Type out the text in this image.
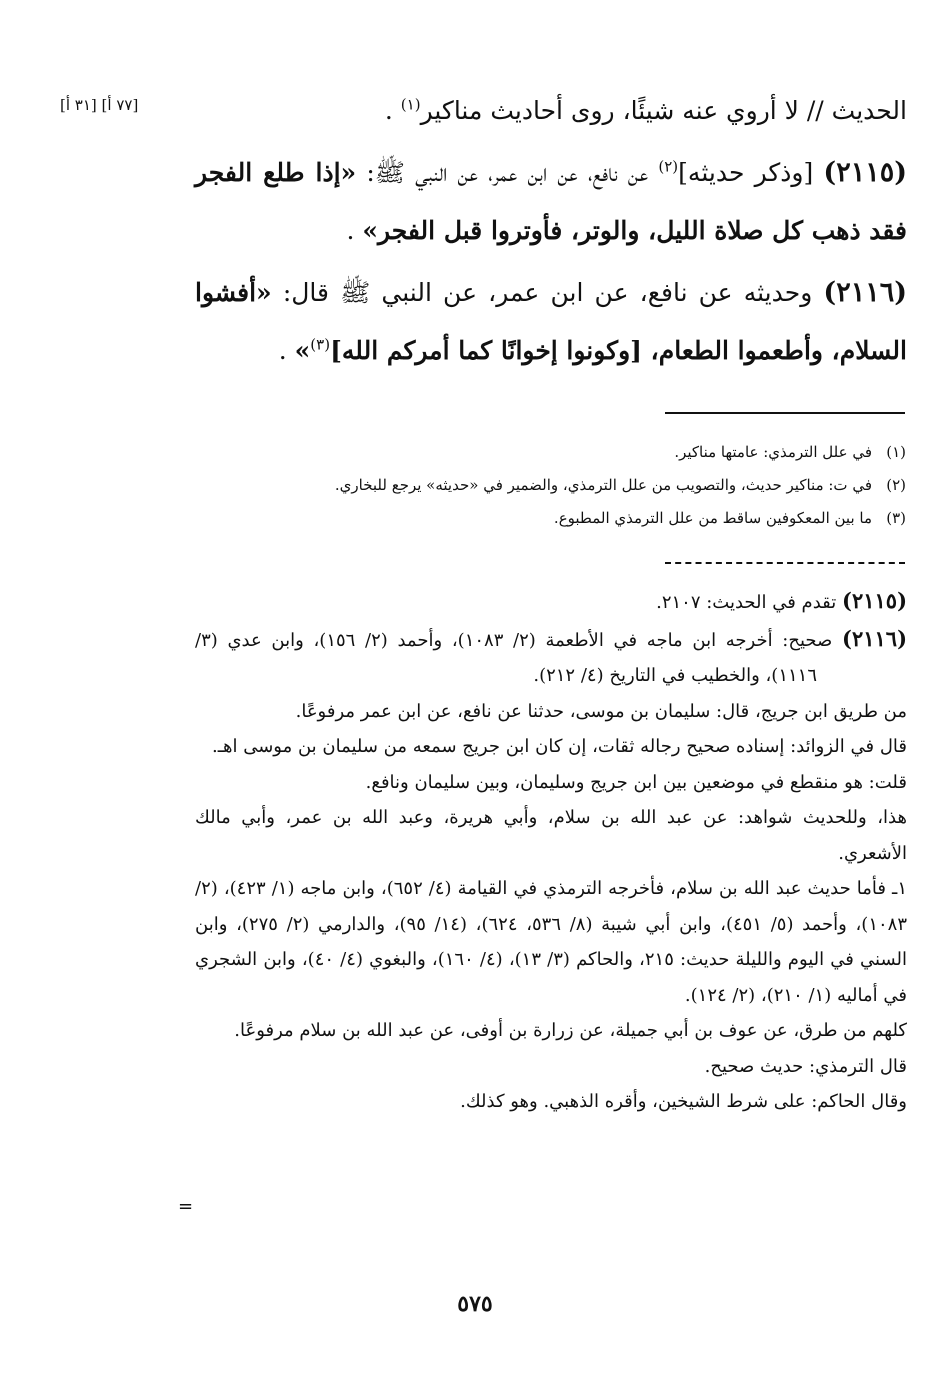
[٣١ أ] [٧٧ أ]	الحديث // لا أروي عنه شيئًا، روى أحاديث مناكير$^{(١)}$ .

(٢١١٥) [وذكر حديثه]$^{(٢)}$ عن نافع، عن ابن عمر، عن النبي ﷺ: «إذا طلع الفجر فقد ذهب كل صلاة الليل، والوتر، فأوتروا قبل الفجر» .

(٢١١٦) وحديثه عن نافع، عن ابن عمر، عن النبي ﷺ قال: «أفشوا السلام، وأطعموا الطعام، [وكونوا إخوانًا كما أمركم الله]$^{(٣)}$» .

(١)في علل الترمذي: عامتها مناكير.
(٢)في ت: مناكير حديث، والتصويب من علل الترمذي، والضمير في «حديثه» يرجع للبخاري.
(٣)ما بين المعكوفين ساقط من علل الترمذي المطبوع.

(٢١١٥) تقدم في الحديث: ٢١٠٧.

(٢١١٦) صحيح: أخرجه ابن ماجه في الأطعمة (٢/ ١٠٨٣)، وأحمد (٢/ ١٥٦)، وابن عدي (٣/ ١١١٦)، والخطيب في التاريخ (٤/ ٢١٢).

من طريق ابن جريج، قال: سليمان بن موسى، حدثنا عن نافع، عن ابن عمر مرفوعًا.

قال في الزوائد: إسناده صحيح رجاله ثقات، إن كان ابن جريج سمعه من سليمان بن موسى اهـ.

قلت: هو منقطع في موضعين بين ابن جريج وسليمان، وبين سليمان ونافع.

هذا، وللحديث شواهد: عن عبد الله بن سلام، وأبي هريرة، وعبد الله بن عمر، وأبي مالك الأشعري.

١ـ فأما حديث عبد الله بن سلام، فأخرجه الترمذي في القيامة (٤/ ٦٥٢)، وابن ماجه (١/ ٤٢٣)، (٢/ ١٠٨٣)، وأحمد (٥/ ٤٥١)، وابن أبي شيبة (٨/ ٥٣٦، ٦٢٤)، (١٤/ ٩٥)، والدارمي (٢/ ٢٧٥)، وابن السني في اليوم والليلة حديث: ٢١٥، والحاكم (٣/ ١٣)، (٤/ ١٦٠)، والبغوي (٤/ ٤٠)، وابن الشجري في أماليه (١/ ٢١٠)، (٢/ ١٢٤).

كلهم من طرق، عن عوف بن أبي جميلة، عن زرارة بن أوفى، عن عبد الله بن سلام مرفوعًا.

قال الترمذي: حديث صحيح.

وقال الحاكم: على شرط الشيخين، وأقره الذهبي. وهو كذلك.

=
٥٧٥
